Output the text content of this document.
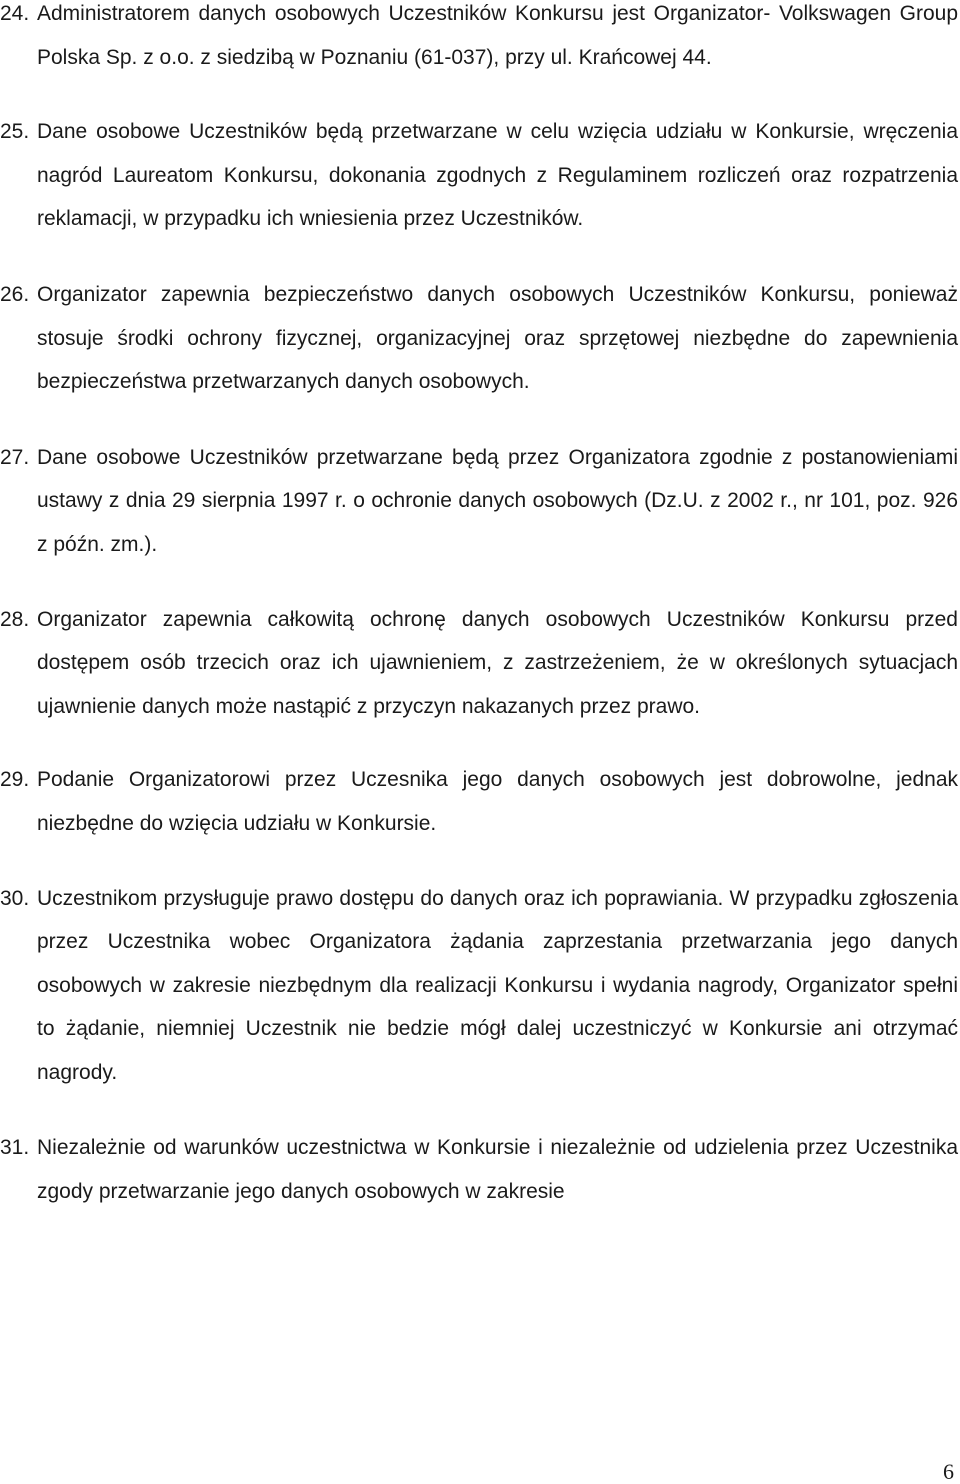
24. Administratorem danych osobowych Uczestników Konkursu jest Organizator- Volkswagen Group Polska Sp. z o.o. z siedzibą w Poznaniu (61-037), przy ul. Krańcowej 44.
25. Dane osobowe Uczestników będą przetwarzane w celu wzięcia udziału w Konkursie, wręczenia nagród Laureatom Konkursu, dokonania zgodnych z Regulaminem rozliczeń oraz rozpatrzenia reklamacji, w przypadku ich wniesienia przez Uczestników.
26. Organizator zapewnia bezpieczeństwo danych osobowych Uczestników Konkursu, ponieważ stosuje środki ochrony fizycznej, organizacyjnej oraz sprzętowej niezbędne do zapewnienia bezpieczeństwa przetwarzanych danych osobowych.
27. Dane osobowe Uczestników przetwarzane będą przez Organizatora zgodnie z postanowieniami ustawy z dnia 29 sierpnia 1997 r. o ochronie danych osobowych (Dz.U. z 2002 r., nr 101, poz. 926 z późn. zm.).
28. Organizator zapewnia całkowitą ochronę danych osobowych Uczestników Konkursu przed dostępem osób trzecich oraz ich ujawnieniem, z zastrzeżeniem, że w określonych sytuacjach ujawnienie danych może nastąpić z przyczyn nakazanych przez prawo.
29. Podanie Organizatorowi przez Uczesnika jego danych osobowych jest dobrowolne, jednak niezbędne do wzięcia udziału w Konkursie.
30. Uczestnikom przysługuje prawo dostępu do danych oraz ich poprawiania. W przypadku zgłoszenia przez Uczestnika wobec Organizatora żądania zaprzestania przetwarzania jego danych osobowych w zakresie niezbędnym dla realizacji Konkursu i wydania nagrody, Organizator spełni to żądanie, niemniej Uczestnik nie bedzie mógł dalej uczestniczyć w Konkursie ani otrzymać nagrody.
31. Niezależnie od warunków uczestnictwa w Konkursie i niezależnie od udzielenia przez Uczestnika zgody przetwarzanie jego danych osobowych w zakresie
6
